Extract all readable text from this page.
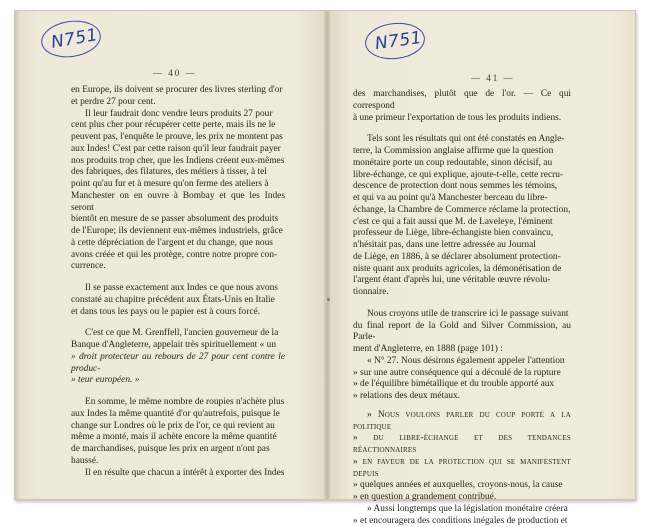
N751
— 40 —

en Europe, ils doivent se procurer des livres sterling d'or

et perdre 27 pour cent.

Il leur faudrait donc vendre leurs produits 27 pour

cent plus cher pour récupérer cette perte, mais ils ne le

peuvent pas, l'enquête le prouve, les prix ne montent pas

aux Indes! C'est par cette raison qu'il leur faudrait payer

nos produits trop cher, que les Indiens créent eux-mêmes

des fabriques, des filatures, des métiers à tisser, à tel

point qu'au fur et à mesure qu'on ferme des ateliers à

Manchester on en ouvre à Bombay et que les Indes seront

bientôt en mesure de se passer absolument des produits

de l'Europe; ils deviennent eux-mêmes industriels, grâce

à cette dépréciation de l'argent et du change, que nous

avons créée et qui les protège, contre notre propre con-

currence.

Il se passe exactement aux Indes ce que nous avons

constaté au chapitre précédent aux États-Unis en Italie

et dans tous les pays ou le papier est à cours forcé.

C'est ce que M. Grenffell, l'ancien gouverneur de la

Banque d'Angleterre, appelait très spirituellement « un

» droit protecteur au rebours de 27 pour cent contre le produc-

» teur européen. »

En somme, le même nombre de roupies n'achète plus

aux Indes la même quantité d'or qu'autrefois, puisque le

change sur Londres où le prix de l'or, ce qui revient au

même a monté, mais il achète encore la même quantité

de marchandises, puisque les prix en argent n'ont pas

haussé.

Il en résulte que chacun a intérêt à exporter des Indes

N751
— 41 —

des marchandises, plutôt que de l'or. — Ce qui correspond

à une primeur l'exportation de tous les produits indiens.

Tels sont les résultats qui ont été constatés en Angle-

terre, la Commission anglaise affirme que la question

monétaire porte un coup redoutable, sinon décisif, au

libre-échange, ce qui explique, ajoute-t-elle, cette recru-

descence de protection dont nous semmes les témoins,

et qui va au point qu'à Manchester berceau du libre-

échange, la Chambre de Commerce réclame la protection,

c'est ce qui a fait aussi que M. de Laveleye, l'éminent

professeur de Liège, libre-échangiste bien convaincu,

n'hésitait pas, dans une lettre adressée au Journal

de Liège, en 1886, à se déclarer absolument protection-

niste quant aux produits agricoles, la démonétisation de

l'argent étant d'après lui, une véritable œuvre révolu-

tionnaire.

Nous croyons utile de transcrire ici le passage suivant

du final report de la Gold and Silver Commission, au Parle-

ment d'Angleterre, en 1888 (page 101) :

« N° 27. Nous désirons également appeler l'attention

» sur une autre conséquence qui a découlé de la rupture

» de l'équilibre bimétallique et du trouble apporté aux

» relations des deux métaux.

» Nous voulons parler du coup porté a la politique

» du libre-échange et des tendances réactionnaires

» en faveur de la protection qui se manifestent depuis

» quelques années et auxquelles, croyons-nous, la cause

» en question a grandement contribué.

» Aussi longtemps que la législation monétaire créera

» et encouragera des conditions inégales de production et
